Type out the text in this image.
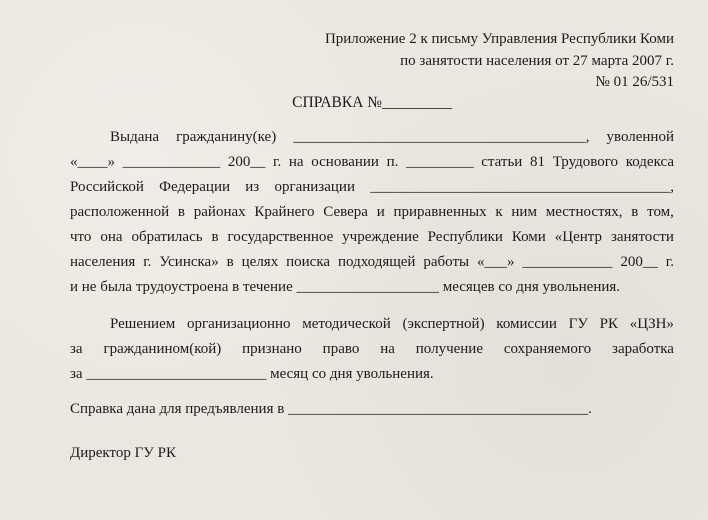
Приложение 2 к письму Управления Республики Коми
по занятости населения от 27 марта 2007 г.
№ 01 26/531
СПРАВКА №_________
Выдана гражданину(ке) _______________________________________, уволенной
«____» _____________ 200__ г. на основании п. _________ статьи 81 Трудового кодекса
Российской Федерации из организации ________________________________________,
расположенной в районах Крайнего Севера и приравненных к ним местностях, в том,
что она обратилась в государственное учреждение Республики Коми «Центр занятости
населения г. Усинска» в целях поиска подходящей работы «___» ____________ 200__ г.
и не была трудоустроена в течение ___________________ месяцев со дня увольнения.
Решением организационно методической (экспертной) комиссии ГУ РК «ЦЗН»
за гражданином(кой) признано право на получение сохраняемого заработка
за ________________________ месяц со дня увольнения.
Справка дана для предъявления в ________________________________________.
Директор ГУ РК
